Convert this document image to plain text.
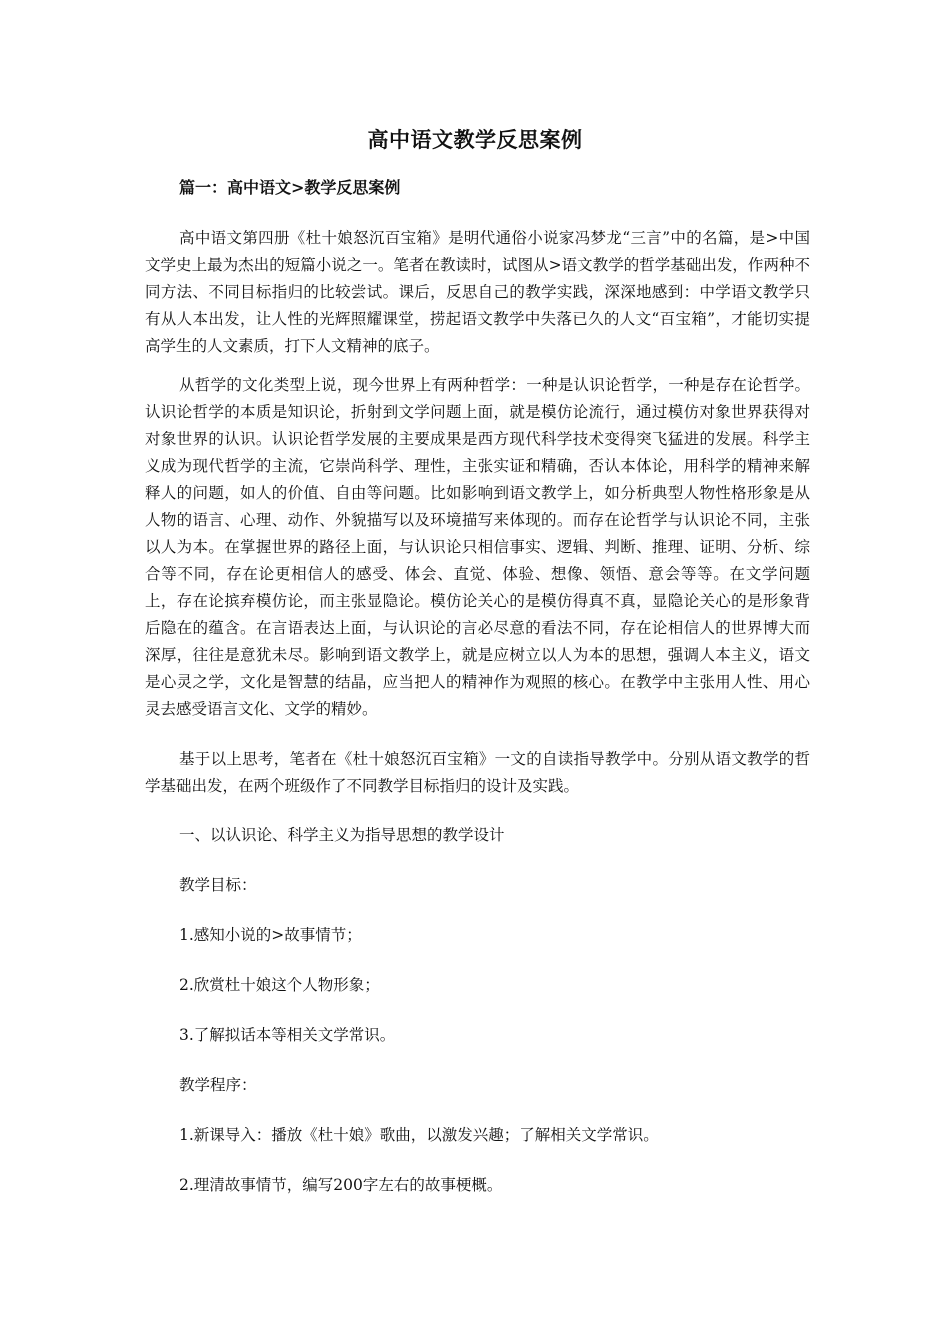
高中语文教学反思案例
篇一：高中语文>教学反思案例

高中语文第四册《杜十娘怒沉百宝箱》是明代通俗小说家冯梦龙“三言”中的名篇，是>中国文学史上最为杰出的短篇小说之一。笔者在教读时，试图从>语文教学的哲学基础出发，作两种不同方法、不同目标指归的比较尝试。课后，反思自己的教学实践，深深地感到：中学语文教学只有从人本出发，让人性的光辉照耀课堂，捞起语文教学中失落已久的人文“百宝箱”，才能切实提高学生的人文素质，打下人文精神的底子。

从哲学的文化类型上说，现今世界上有两种哲学：一种是认识论哲学，一种是存在论哲学。认识论哲学的本质是知识论，折射到文学问题上面，就是模仿论流行，通过模仿对象世界获得对对象世界的认识。认识论哲学发展的主要成果是西方现代科学技术变得突飞猛进的发展。科学主义成为现代哲学的主流，它崇尚科学、理性，主张实证和精确，否认本体论，用科学的精神来解释人的问题，如人的价值、自由等问题。比如影响到语文教学上，如分析典型人物性格形象是从人物的语言、心理、动作、外貌描写以及环境描写来体现的。而存在论哲学与认识论不同，主张以人为本。在掌握世界的路径上面，与认识论只相信事实、逻辑、判断、推理、证明、分析、综合等不同，存在论更相信人的感受、体会、直觉、体验、想像、领悟、意会等等。在文学问题上，存在论摈弃模仿论，而主张显隐论。模仿论关心的是模仿得真不真，显隐论关心的是形象背后隐在的蕴含。在言语表达上面，与认识论的言必尽意的看法不同，存在论相信人的世界博大而深厚，往往是意犹未尽。影响到语文教学上，就是应树立以人为本的思想，强调人本主义，语文是心灵之学，文化是智慧的结晶，应当把人的精神作为观照的核心。在教学中主张用人性、用心灵去感受语言文化、文学的精妙。

基于以上思考，笔者在《杜十娘怒沉百宝箱》一文的自读指导教学中。分别从语文教学的哲学基础出发，在两个班级作了不同教学目标指归的设计及实践。

一、以认识论、科学主义为指导思想的教学设计
教学目标：
1.感知小说的>故事情节；
2.欣赏杜十娘这个人物形象；
3.了解拟话本等相关文学常识。
教学程序：
1.新课导入：播放《杜十娘》歌曲，以激发兴趣；了解相关文学常识。
2.理清故事情节，编写200字左右的故事梗概。
